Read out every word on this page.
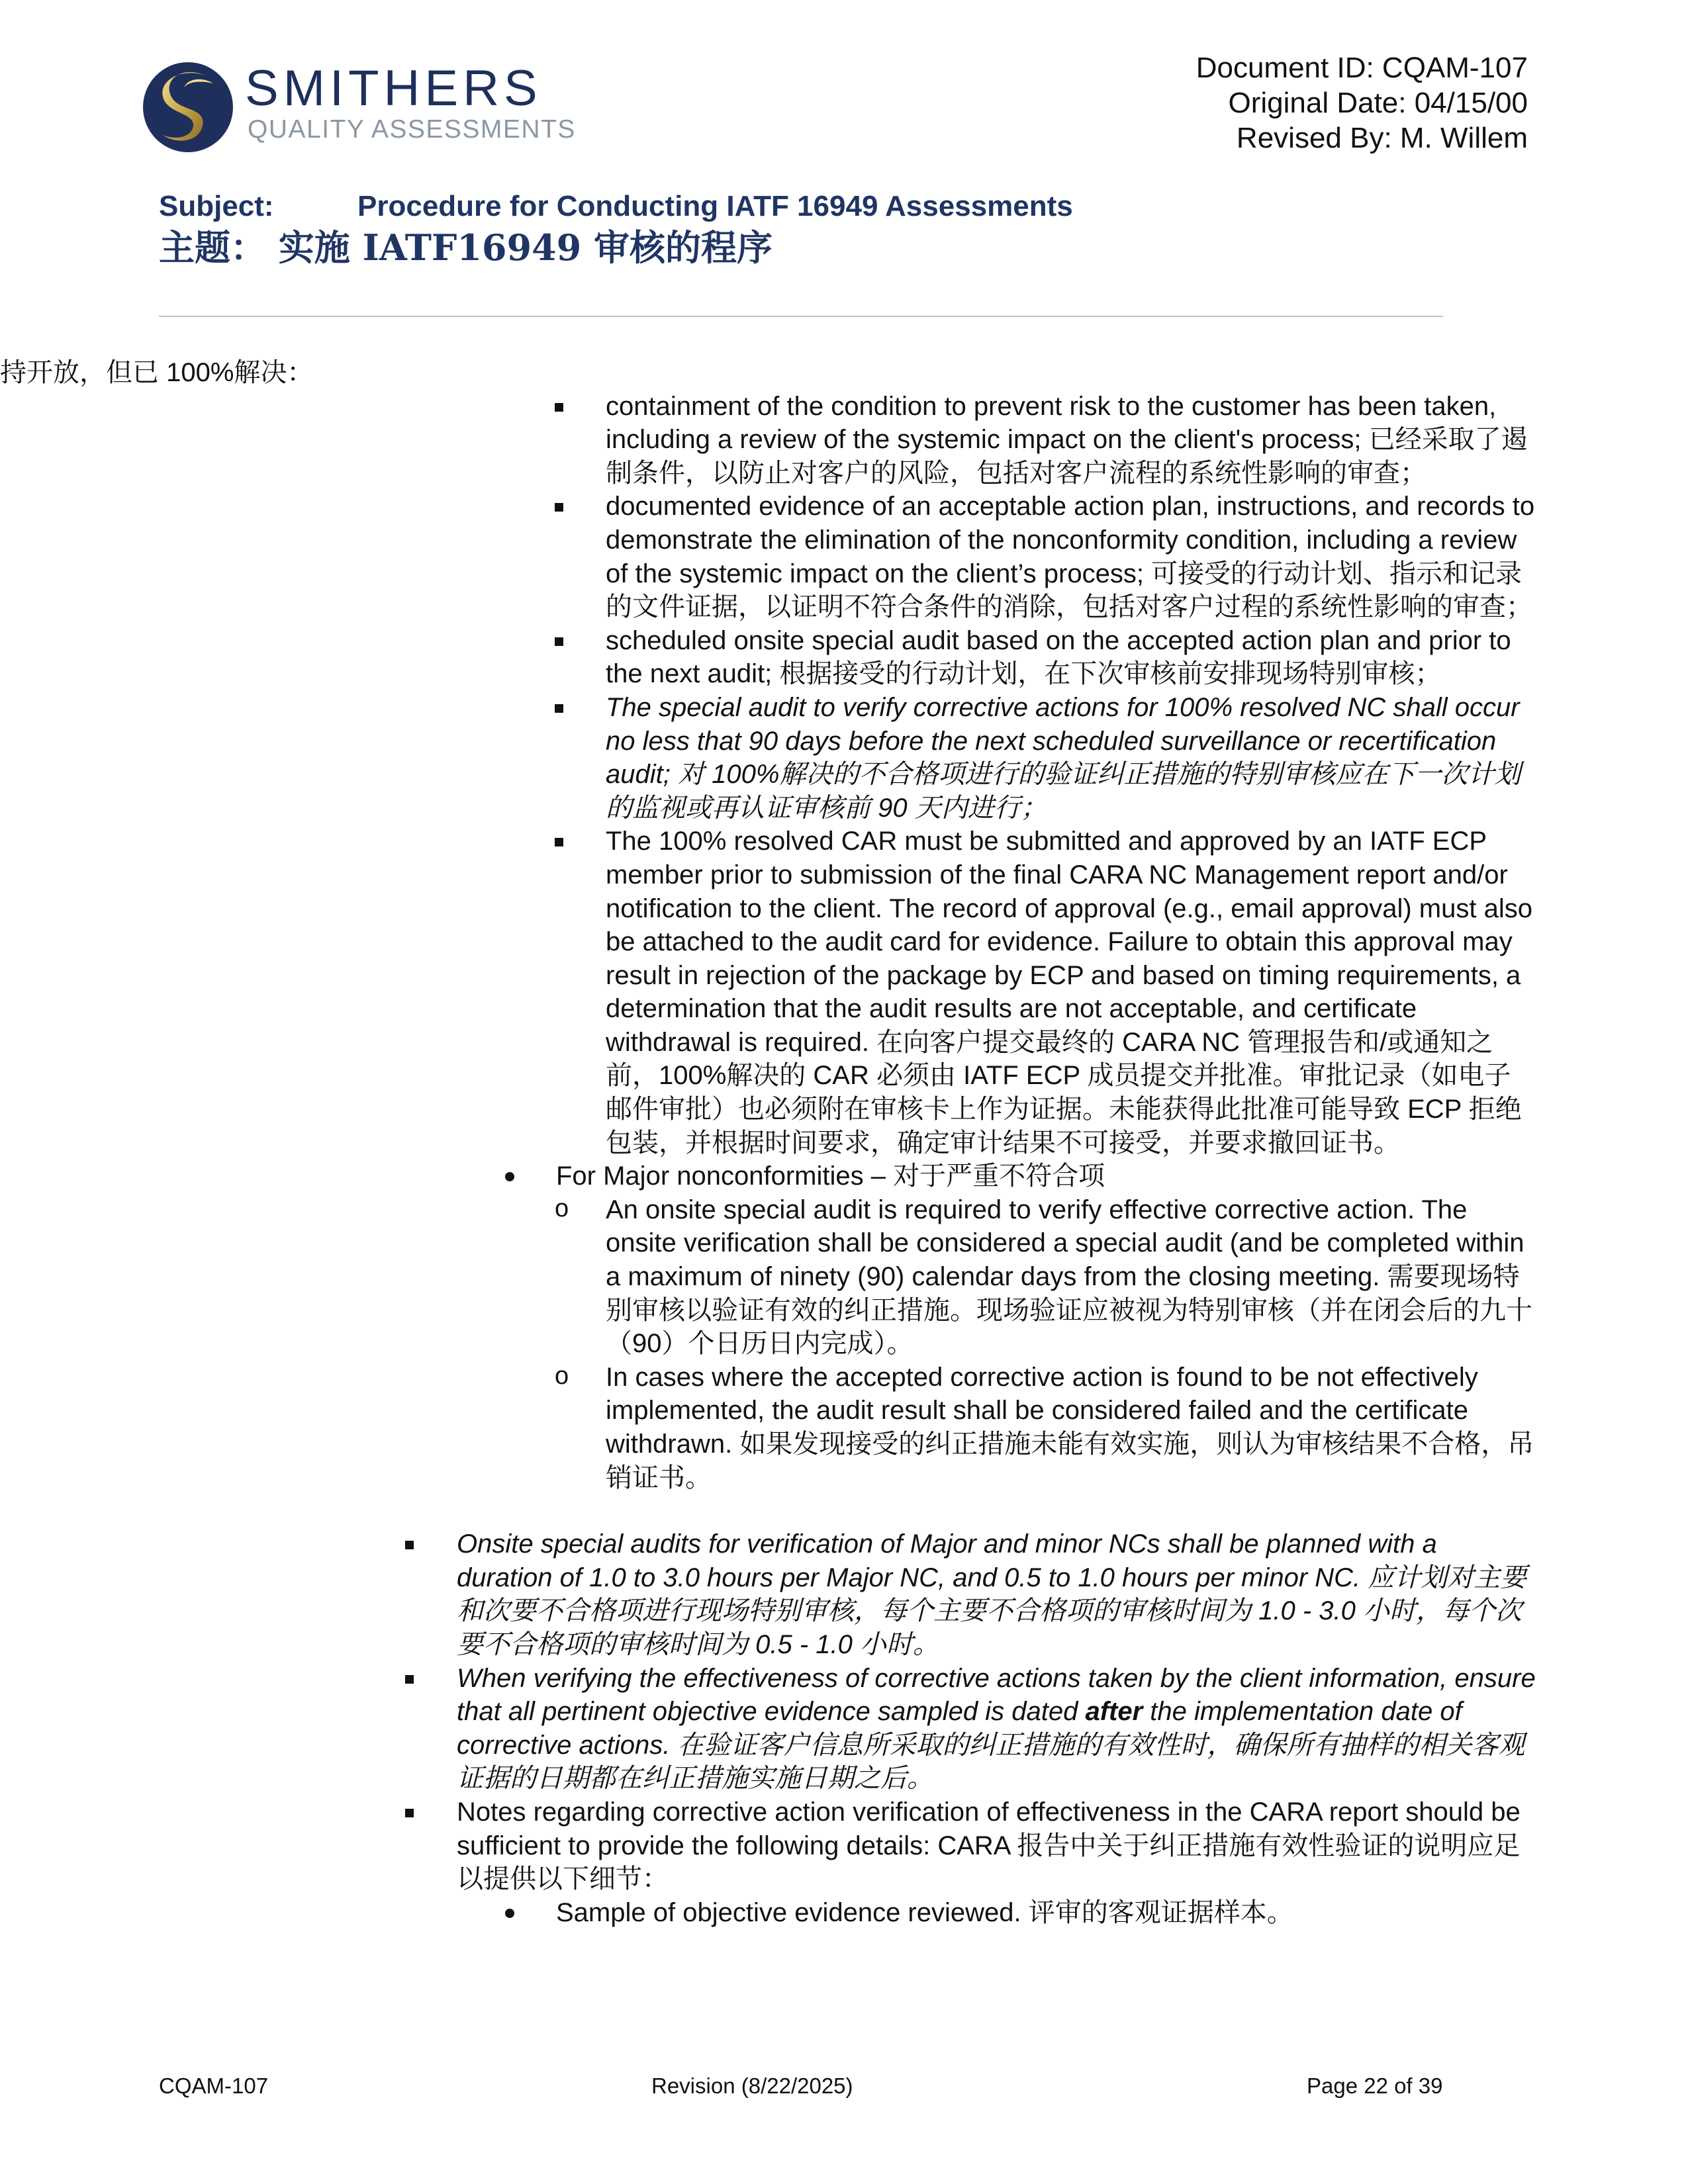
SMITHERS
QUALITY ASSESSMENTS
Document ID: CQAM-107
Original Date: 04/15/00
Revised By: M. Willem
Subject:	Procedure for Conducting IATF 16949 Assessments
主题： 实施 IATF16949 审核的程序

持开放，但已 100%解决：

containment of the condition to prevent risk to the customer has been taken, including a review of the systemic impact on the client's process; 已经采取了遏制条件，以防止对客户的风险，包括对客户流程的系统性影响的审查；
documented evidence of an acceptable action plan, instructions, and records to demonstrate the elimination of the nonconformity condition, including a review of the systemic impact on the client’s process; 可接受的行动计划、指示和记录的文件证据，以证明不符合条件的消除，包括对客户过程的系统性影响的审查；
scheduled onsite special audit based on the accepted action plan and prior to the next audit; 根据接受的行动计划，在下次审核前安排现场特别审核；
The special audit to verify corrective actions for 100% resolved NC shall occur no less that 90 days before the next scheduled surveillance or recertification audit; 对 100%解决的不合格项进行的验证纠正措施的特别审核应在下一次计划的监视或再认证审核前 90 天内进行；
The 100% resolved CAR must be submitted and approved by an IATF ECP member prior to submission of the final CARA NC Management report and/or notification to the client. The record of approval (e.g., email approval) must also be attached to the audit card for evidence. Failure to obtain this approval may result in rejection of the package by ECP and based on timing requirements, a determination that the audit results are not acceptable, and certificate withdrawal is required. 在向客户提交最终的 CARA NC 管理报告和/或通知之前，100%解决的 CAR 必须由 IATF ECP 成员提交并批准。审批记录（如电子邮件审批）也必须附在审核卡上作为证据。未能获得此批准可能导致 ECP 拒绝包装，并根据时间要求，确定审计结果不可接受，并要求撤回证书。
For Major nonconformities – 对于严重不符合项
o An onsite special audit is required to verify effective corrective action. The onsite verification shall be considered a special audit (and be completed within a maximum of ninety (90) calendar days from the closing meeting. 需要现场特别审核以验证有效的纠正措施。现场验证应被视为特别审核（并在闭会后的九十（90）个日历日内完成）。
o In cases where the accepted corrective action is found to be not effectively implemented, the audit result shall be considered failed and the certificate withdrawn. 如果发现接受的纠正措施未能有效实施，则认为审核结果不合格，吊销证书。
Onsite special audits for verification of Major and minor NCs shall be planned with a duration of 1.0 to 3.0 hours per Major NC, and 0.5 to 1.0 hours per minor NC. 应计划对主要和次要不合格项进行现场特别审核，每个主要不合格项的审核时间为 1.0 - 3.0 小时，每个次要不合格项的审核时间为 0.5 - 1.0 小时。
When verifying the effectiveness of corrective actions taken by the client information, ensure that all pertinent objective evidence sampled is dated after the implementation date of corrective actions. 在验证客户信息所采取的纠正措施的有效性时，确保所有抽样的相关客观证据的日期都在纠正措施实施日期之后。
Notes regarding corrective action verification of effectiveness in the CARA report should be sufficient to provide the following details: CARA 报告中关于纠正措施有效性验证的说明应足以提供以下细节：
Sample of objective evidence reviewed. 评审的客观证据样本。
CQAM-107	Revision (8/22/2025)	Page 22 of 39
